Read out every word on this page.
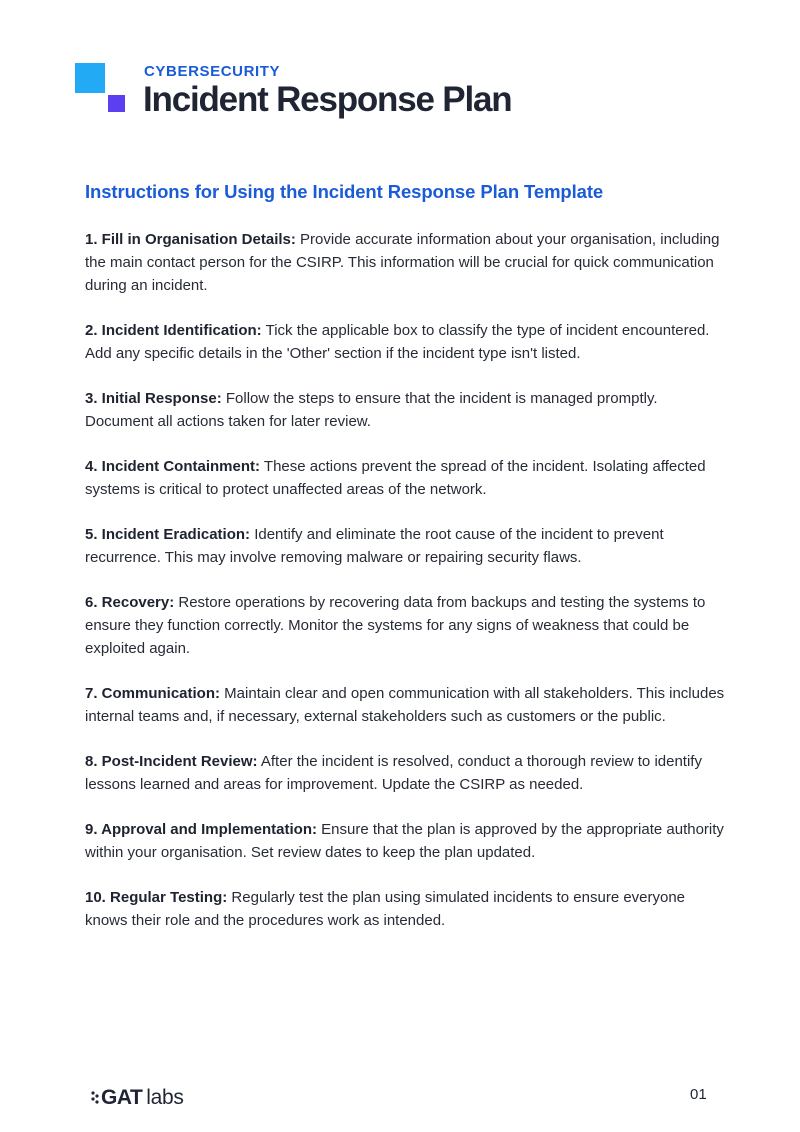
CYBERSECURITY
Incident Response Plan
Instructions for Using the Incident Response Plan Template

1. Fill in Organisation Details: Provide accurate information about your organisation, including the main contact person for the CSIRP. This information will be crucial for quick communication during an incident.

2. Incident Identification: Tick the applicable box to classify the type of incident encountered. Add any specific details in the 'Other' section if the incident type isn't listed.

3. Initial Response: Follow the steps to ensure that the incident is managed promptly. Document all actions taken for later review.

4. Incident Containment: These actions prevent the spread of the incident. Isolating affected systems is critical to protect unaffected areas of the network.

5. Incident Eradication: Identify and eliminate the root cause of the incident to prevent recurrence. This may involve removing malware or repairing security flaws.

6. Recovery: Restore operations by recovering data from backups and testing the systems to ensure they function correctly. Monitor the systems for any signs of weakness that could be exploited again.

7. Communication: Maintain clear and open communication with all stakeholders. This includes internal teams and, if necessary, external stakeholders such as customers or the public.

8. Post-Incident Review: After the incident is resolved, conduct a thorough review to identify lessons learned and areas for improvement. Update the CSIRP as needed.

9. Approval and Implementation: Ensure that the plan is approved by the appropriate authority within your organisation. Set review dates to keep the plan updated.

10. Regular Testing: Regularly test the plan using simulated incidents to ensure everyone knows their role and the procedures work as intended.

GAT labs	01
